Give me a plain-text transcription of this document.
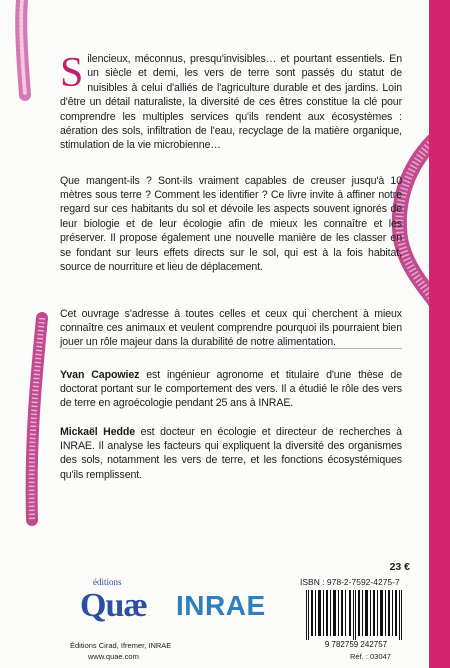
S ilencieux, méconnus, presqu'invisibles… et pourtant essentiels. En un siècle et demi, les vers de terre sont passés du statut de nuisibles à celui d'alliés de l'agriculture durable et des jardins. Loin d'être un détail naturaliste, la diversité de ces êtres constitue la clé pour comprendre les multiples services qu'ils rendent aux écosystèmes : aération des sols, infiltration de l'eau, recyclage de la matière organique, stimulation de la vie microbienne…

Que mangent-ils ? Sont-ils vraiment capables de creuser jusqu'à 10 mètres sous terre ? Comment les identifier ? Ce livre invite à affiner notre regard sur ces habitants du sol et dévoile les aspects souvent ignorés de leur biologie et de leur écologie afin de mieux les connaître et les préserver. Il propose également une nouvelle manière de les classer en se fondant sur leurs effets directs sur le sol, qui est à la fois habitat, source de nourriture et lieu de déplacement.

Cet ouvrage s'adresse à toutes celles et ceux qui cherchent à mieux connaître ces animaux et veulent comprendre pourquoi ils pourraient bien jouer un rôle majeur dans la durabilité de notre alimentation.

Yvan Capowiez est ingénieur agronome et titulaire d'une thèse de doctorat portant sur le comportement des vers. Il a étudié le rôle des vers de terre en agroécologie pendant 25 ans à INRAE.

Mickaël Hedde est docteur en écologie et directeur de recherches à INRAE. Il analyse les facteurs qui expliquent la diversité des organismes des sols, notamment les vers de terre, et les fonctions écosystémiques qu'ils remplissent.

23 €
ISBN : 978-2-7592-4275-7
9 782759 242757
Réf. : 03047
éditions
Quæ
Éditions Cirad, Ifremer, INRAE
www.quae.com
INRAE
